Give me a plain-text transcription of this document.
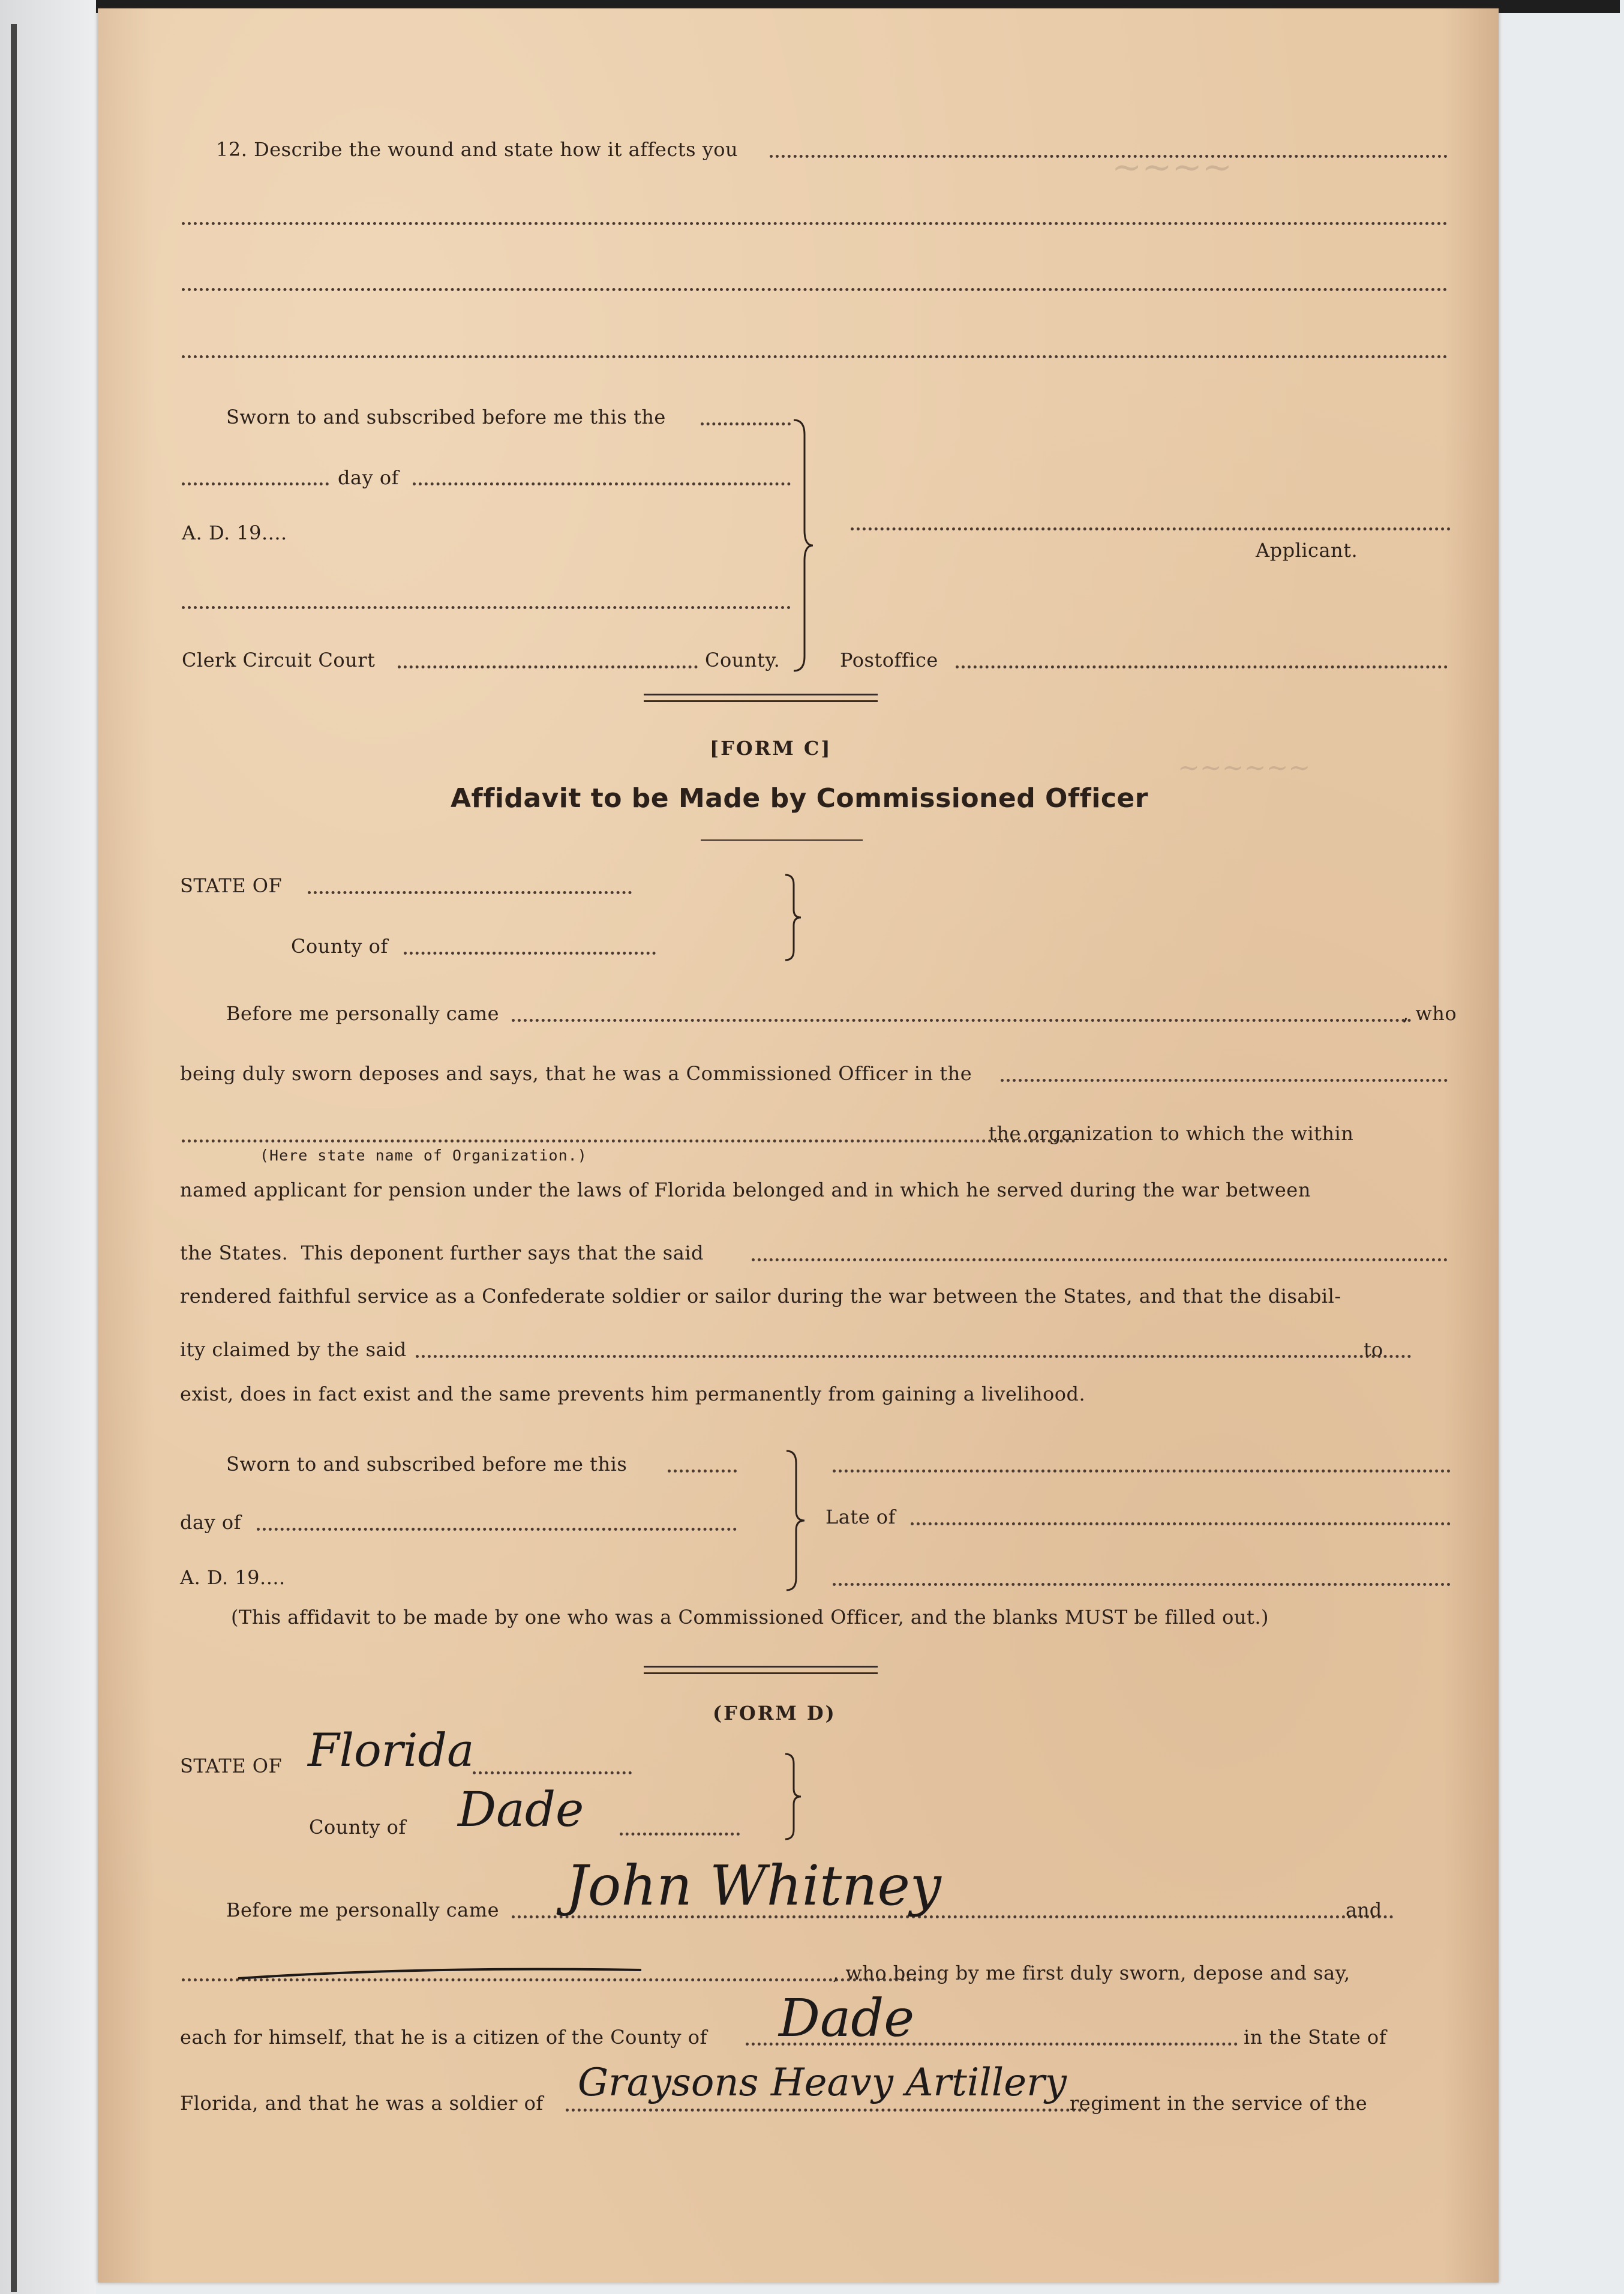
~~~~
~~~~~~
12. Describe the wound and state how it affects you
Sworn to and subscribed before me this the
day of
A. D. 19....
Clerk Circuit Court	County.
Applicant.
Postoffice
[FORM C]
Affidavit to be Made by Commissioned Officer
STATE OF
County of
Before me personally came	, who
being duly sworn deposes and says, that he was a Commissioned Officer in the
the organization to which the within
(Here state name of Organization.)
named applicant for pension under the laws of Florida belonged and in which he served during the war between
the States.  This deponent further says that the said
rendered faithful service as a Confederate soldier or sailor during the war between the States, and that the disabil-
ity claimed by the said	to
exist, does in fact exist and the same prevents him permanently from gaining a livelihood.
Sworn to and subscribed before me this
day of
A. D. 19....
Late of
(This affidavit to be made by one who was a Commissioned Officer, and the blanks MUST be filled out.)
(FORM D)
STATE OF Florida
County of Dade
Before me personally came John Whitney	and
, who being by me first duly sworn, depose and say,
each for himself, that he is a citizen of the County of Dade	in the State of
Florida, and that he was a soldier of Graysons Heavy Artillery regiment in the service of the
